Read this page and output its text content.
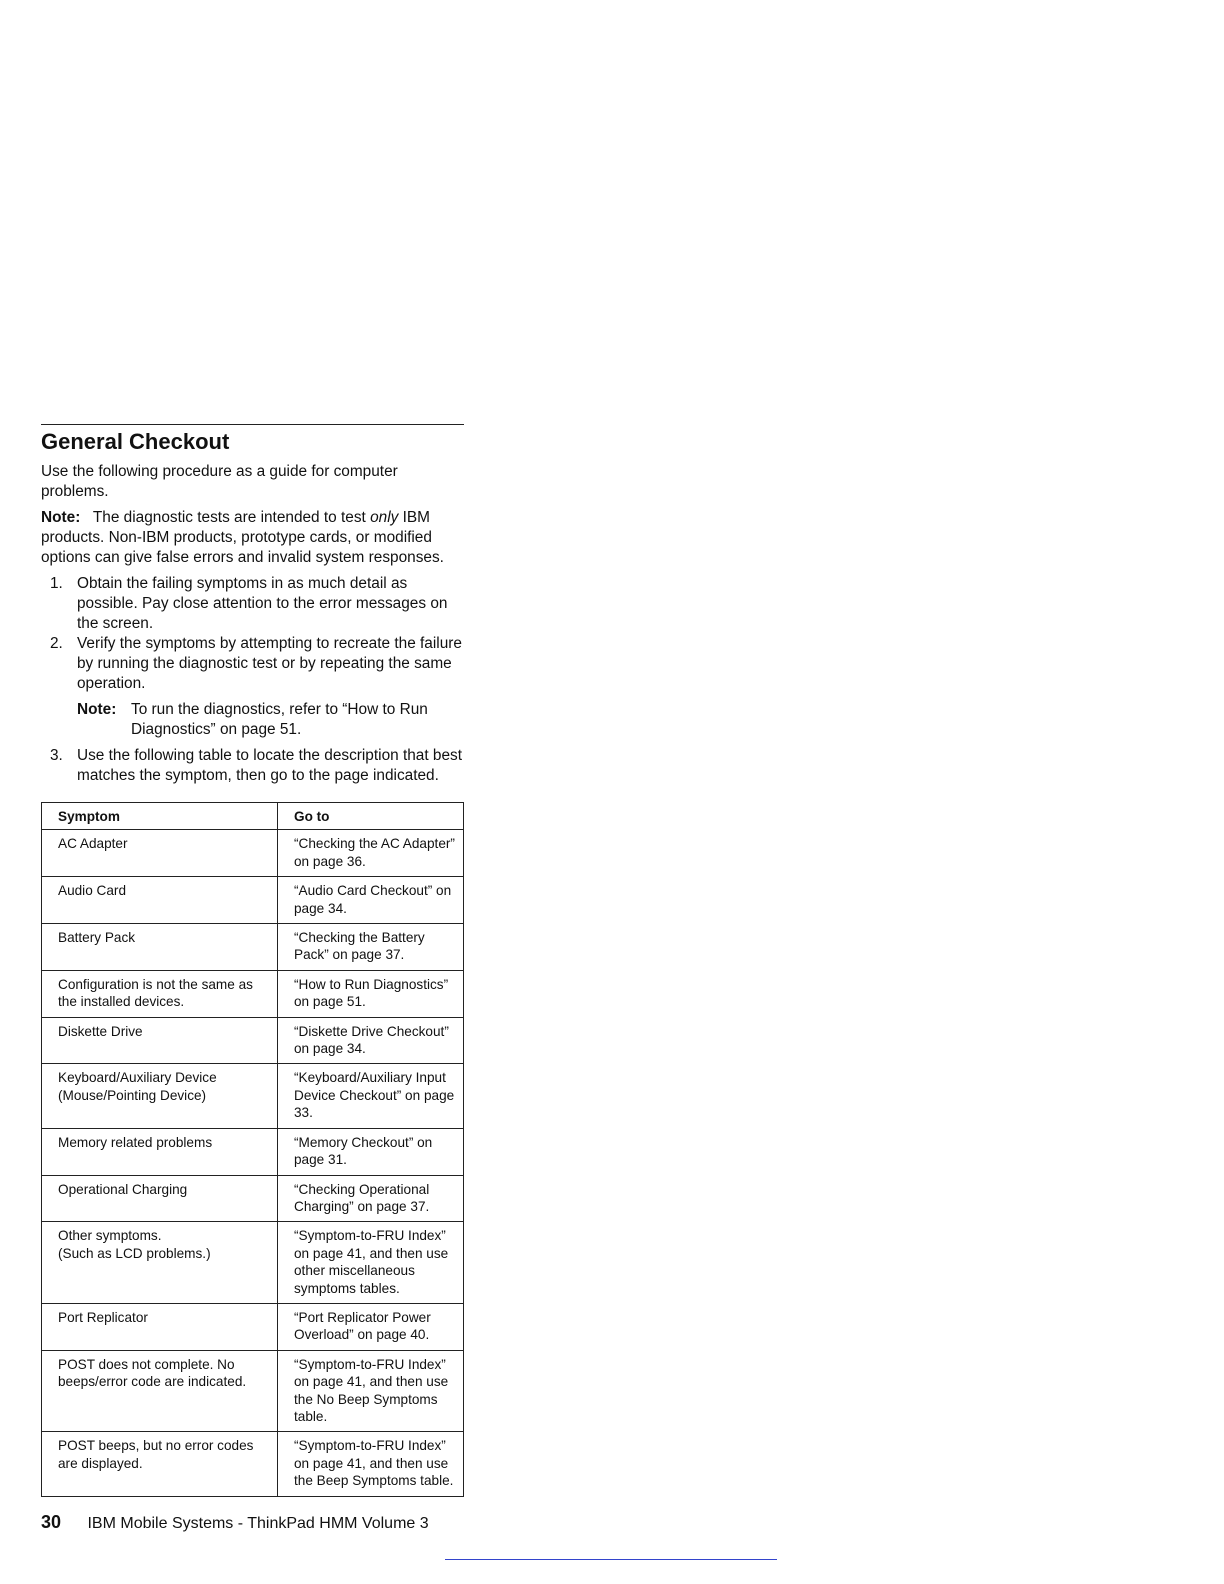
General Checkout

Use the following procedure as a guide for computer problems.

Note: The diagnostic tests are intended to test only IBM products. Non-IBM products, prototype cards, or modified options can give false errors and invalid system responses.

1. Obtain the failing symptoms in as much detail as possible. Pay close attention to the error messages on the screen.
2. Verify the symptoms by attempting to recreate the failure by running the diagnostic test or by repeating the same operation.
Note: To run the diagnostics, refer to “How to Run Diagnostics” on page 51.
3. Use the following table to locate the description that best matches the symptom, then go to the page indicated.
Symptom	Go to
AC Adapter	“Checking the AC Adapter” on page 36.
Audio Card	“Audio Card Checkout” on page 34.
Battery Pack	“Checking the Battery Pack” on page 37.
Configuration is not the same as the installed devices.	“How to Run Diagnostics” on page 51.
Diskette Drive	“Diskette Drive Checkout” on page 34.
Keyboard/Auxiliary Device (Mouse/Pointing Device)	“Keyboard/Auxiliary Input Device Checkout” on page 33.
Memory related problems	“Memory Checkout” on page 31.
Operational Charging	“Checking Operational Charging” on page 37.
Other symptoms.
(Such as LCD problems.)	“Symptom-to-FRU Index” on page 41, and then use other miscellaneous symptoms tables.
Port Replicator	“Port Replicator Power Overload” on page 40.
POST does not complete. No beeps/error code are indicated.	“Symptom-to-FRU Index” on page 41, and then use the No Beep Symptoms table.
POST beeps, but no error codes are displayed.	“Symptom-to-FRU Index” on page 41, and then use the Beep Symptoms table.
30 IBM Mobile Systems - ThinkPad HMM Volume 3
